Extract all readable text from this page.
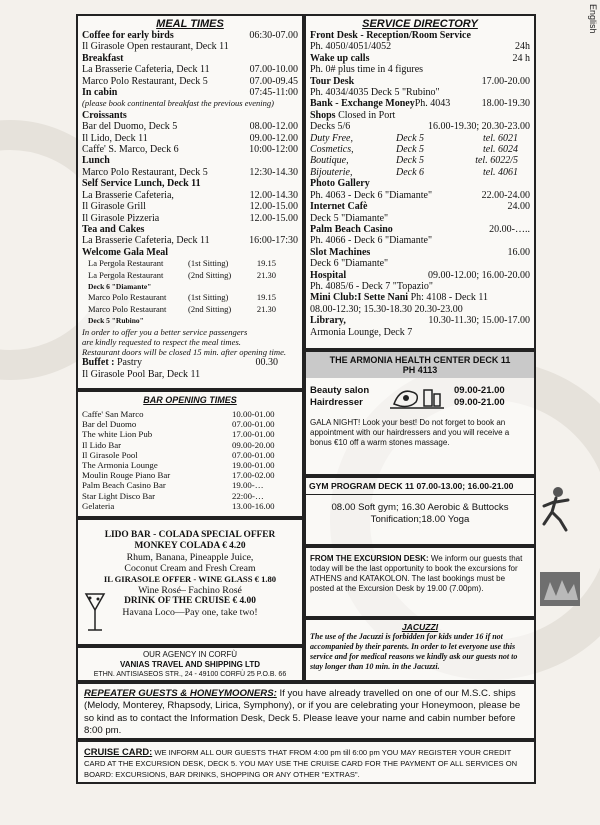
English
MEAL TIMES
Coffee for early birds	06:30-07.00
Il Girasole Open restaurant, Deck 11
Breakfast
La Brasserie Cafeteria, Deck 11	07.00-10.00
Marco Polo Restaurant, Deck 5	07.00-09.45
In cabin	07:45-11:00
(please book continental breakfast the previous evening)
Croissants
Bar del Duomo, Deck 5	08.00-12.00
Il Lido, Deck 11	09.00-12.00
Caffe' S. Marco, Deck 6	10:00-12:00
Lunch
Marco Polo Restaurant, Deck 5	12:30-14.30
Self Service Lunch, Deck 11
La Brasserie Cafeteria,	12.00-14.30
Il Girasole Grill	12.00-15.00
Il Girasole Pizzeria	12.00-15.00
Tea and Cakes
La Brasserie Cafeteria, Deck 11	16:00-17:30
Welcome Gala Meal
La Pergola Restaurant	(1st Sitting)	19.15
La Pergola Restaurant	(2nd Sitting)	21.30
Deck 6 "Diamante"
Marco Polo Restaurant	(1st Sitting)	19.15
Marco Polo Restaurant	(2nd Sitting)	21.30
Deck 5 "Rubino"
In order to offer you a better service passengers
are kindly requested to respect the meal times.
Restaurant doors will be closed 15 min. after opening time.
Buffet : Pastry	00.30
Il Girasole Pool Bar, Deck 11
SERVICE DIRECTORY
Front Desk - Reception/Room Service
Ph. 4050/4051/4052	24h
Wake up calls	24 h
Ph. 0# plus time in 4 figures
Tour Desk	17.00-20.00
Ph. 4034/4035 Deck 5 "Rubino"
Bank - Exchange MoneyPh. 4043	18.00-19.30
Shops Closed in Port
Decks 5/6	16.00-19.30; 20.30-23.00
Duty Free,	Deck 5	tel. 6021
Cosmetics,	Deck 5	tel. 6024
Boutique,	Deck 5	tel. 6022/5
Bijouterie,	Deck 6	tel. 4061
Photo Gallery
Ph. 4063 - Deck 6 "Diamante"	22.00-24.00
Internet Cafè	24.00
Deck 5 "Diamante"
Palm Beach Casino	20.00-…..
Ph. 4066 - Deck 6 "Diamante"
Slot Machines	16.00
Deck 6 "Diamante"
Hospital	09.00-12.00; 16.00-20.00
Ph. 4085/6 - Deck 7 "Topazio"
Mini Club:I Sette Nani Ph: 4108 - Deck 11
08.00-12.30; 15.30-18.30 20.30-23.00
Library,	10.30-11.30; 15.00-17.00
Armonia Lounge, Deck 7
THE ARMONIA HEALTH CENTER DECK 11
PH 4113
Beauty salon
Hairdresser
09.00-21.00
09.00-21.00
GALA NIGHT! Look your best! Do not forget to book an appointment with our hairdressers and you will receive a bonus €10 off a warm stones massage.
GYM PROGRAM DECK 11 07.00-13.00; 16.00-21.00
08.00 Soft gym; 16.30 Aerobic & Buttocks
Tonification;18.00 Yoga
BAR OPENING TIMES
Caffe' San Marco	10.00-01.00
Bar del Duomo	07.00-01.00
The white Lion Pub	17.00-01.00
Il Lido Bar	09.00-20.00
Il Girasole Pool	07.00-01.00
The Armonia Lounge	19.00-01.00
Moulin Rouge Piano Bar	17.00-02.00
Palm Beach Casino Bar	19.00-…
Star Light Disco Bar	22:00-…
Gelateria	13.00-16.00
FROM THE EXCURSION DESK: We inform our guests that today will be the last opportunity to book the excursions for ATHENS and KATAKOLON. The last bookings must be posted at the Excursion Desk by 19.00 (7.00pm).
JACUZZI
The use of the Jacuzzi is forbidden for kids under 16 if not accompanied by their parents. In order to let everyone use this service and for medical reasons we kindly ask our guests not to stay longer than 10 min. in the Jacuzzi.
LIDO BAR - COLADA SPECIAL OFFER
MONKEY COLADA € 4.20
Rhum, Banana, Pineapple Juice,
Coconut Cream and Fresh Cream
IL GIRASOLE OFFER - WINE GLASS € 1.80
Wine Rosé– Fachino Rosé
DRINK OF THE CRUISE € 4.00
Havana Loco—Pay one, take two!
OUR AGENCY IN CORFÙ
VANIAS TRAVEL AND SHIPPING LTD
ETHN. ANTISIASEOS STR., 24 - 49100 CORFÙ 25 P.O.B. 66
REPEATER GUESTS & HONEYMOONERS: If you have already travelled on one of our M.S.C. ships (Melody, Monterey, Rhapsody, Lirica, Symphony), or if you are celebrating your Honeymoon, please be so kind as to contact the Information Desk, Deck 5. Please leave your name and cabin number before 8:00 pm.
CRUISE CARD: WE INFORM ALL OUR GUESTS THAT FROM 4:00 pm till 6:00 pm YOU MAY REGISTER YOUR CREDIT CARD AT THE EXCURSION DESK, DECK 5. YOU MAY USE THE CRUISE CARD FOR THE PAYMENT OF ALL SERVICES ON BOARD: EXCURSIONS, BAR DRINKS, SHOPPING OR ANY OTHER "EXTRAS".
